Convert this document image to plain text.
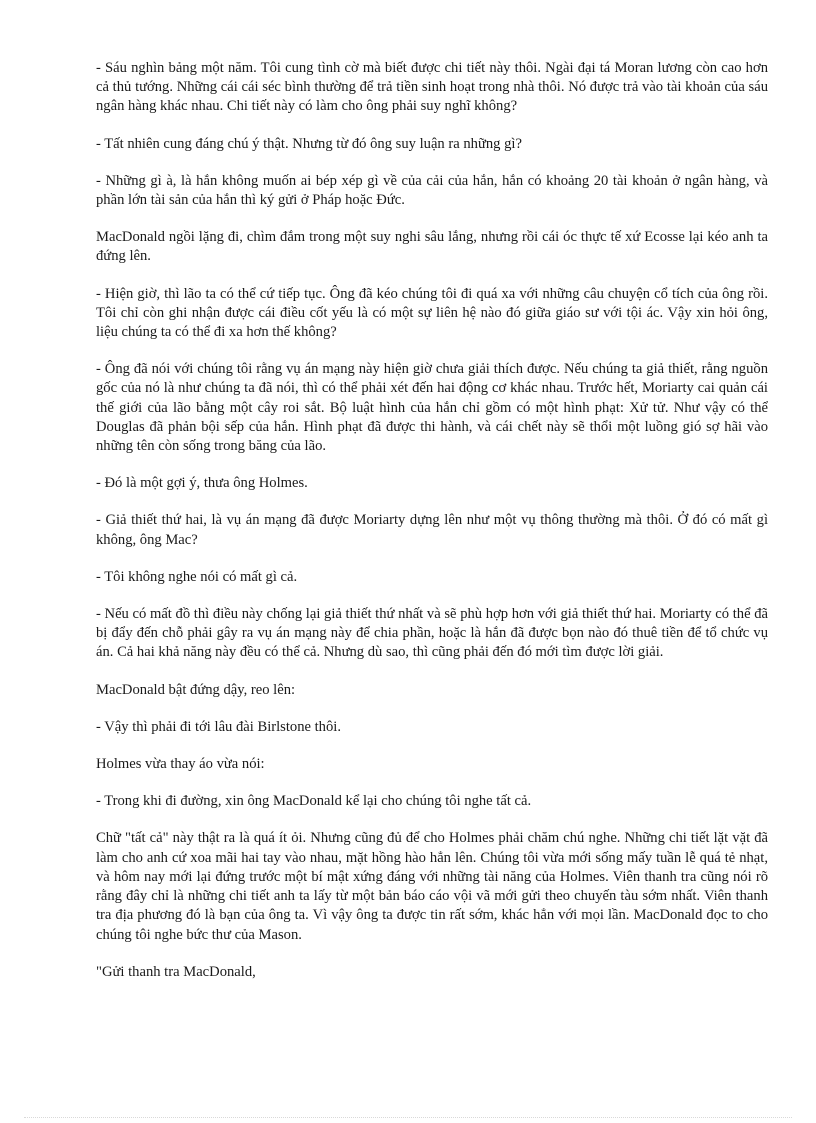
- Sáu nghìn bảng một năm. Tôi cung tình cờ mà biết được chi tiết này thôi. Ngài đại tá Moran lương còn cao hơn cả thủ tướng. Những cái cái séc bình thường để trả tiền sinh hoạt trong nhà thôi. Nó được trả vào tài khoản của sáu ngân hàng khác nhau. Chi tiết này có làm cho ông phải suy nghĩ không?

- Tất nhiên cung đáng chú ý thật. Nhưng từ đó ông suy luận ra những gì?

- Những gì à, là hắn không muốn ai bép xép gì về của cải của hắn, hắn có khoảng 20 tài khoản ở ngân hàng, và phần lớn tài sản của hắn thì ký gửi ở Pháp hoặc Đức.

MacDonald ngồi lặng đi, chìm đắm trong một suy nghi sâu lắng, nhưng rồi cái óc thực tế xứ Ecosse lại kéo anh ta đứng lên.

- Hiện giờ, thì lão ta có thể cứ tiếp tục. Ông đã kéo chúng tôi đi quá xa với những câu chuyện cổ tích của ông rồi. Tôi chỉ còn ghi nhận được cái điều cốt yếu là có một sự liên hệ nào đó giữa giáo sư với tội ác. Vậy xin hỏi ông, liệu chúng ta có thể đi xa hơn thế không?

- Ông đã nói với chúng tôi rằng vụ án mạng này hiện giờ chưa giải thích được. Nếu chúng ta giả thiết, rằng nguồn gốc của nó là như chúng ta đã nói, thì có thể phải xét đến hai động cơ khác nhau. Trước hết, Moriarty cai quản cái thế giới của lão bằng một cây roi sắt. Bộ luật hình của hắn chỉ gồm có một hình phạt: Xử tử. Như vậy có thể Douglas đã phản bội sếp của hắn. Hình phạt đã được thi hành, và cái chết này sẽ thổi một luồng gió sợ hãi vào những tên còn sống trong băng của lão.

- Đó là một gợi ý, thưa ông Holmes.

- Giả thiết thứ hai, là vụ án mạng đã được Moriarty dựng lên như một vụ thông thường mà thôi. Ở đó có mất gì không, ông Mac?

- Tôi không nghe nói có mất gì cả.

- Nếu có mất đồ thì điều này chống lại giả thiết thứ nhất và sẽ phù hợp hơn với giả thiết thứ hai. Moriarty có thể đã bị đẩy đến chỗ phải gây ra vụ án mạng này để chia phần, hoặc là hắn đã được bọn nào đó thuê tiền để tổ chức vụ án. Cả hai khả năng này đều có thể cả. Nhưng dù sao, thì cũng phải đến đó mới tìm được lời giải.

MacDonald bật đứng dậy, reo lên:

- Vậy thì phải đi tới lâu đài Birlstone thôi.

Holmes vừa thay áo vừa nói:

- Trong khi đi đường, xin ông MacDonald kể lại cho chúng tôi nghe tất cả.

Chữ "tất cả" này thật ra là quá ít ỏi. Nhưng cũng đủ để cho Holmes phải chăm chú nghe. Những chi tiết lặt vặt đã làm cho anh cứ xoa mãi hai tay vào nhau, mặt hồng hào hẳn lên. Chúng tôi vừa mới sống mấy tuần lễ quá tẻ nhạt, và hôm nay mới lại đứng trước một bí mật xứng đáng với những tài năng của Holmes. Viên thanh tra cũng nói rõ rằng đây chỉ là những chi tiết anh ta lấy từ một bản báo cáo vội vã mới gửi theo chuyến tàu sớm nhất. Viên thanh tra địa phương đó là bạn của ông ta. Vì vậy ông ta được tin rất sớm, khác hẳn với mọi lần. MacDonald đọc to cho chúng tôi nghe bức thư của Mason.

"Gửi thanh tra MacDonald,
